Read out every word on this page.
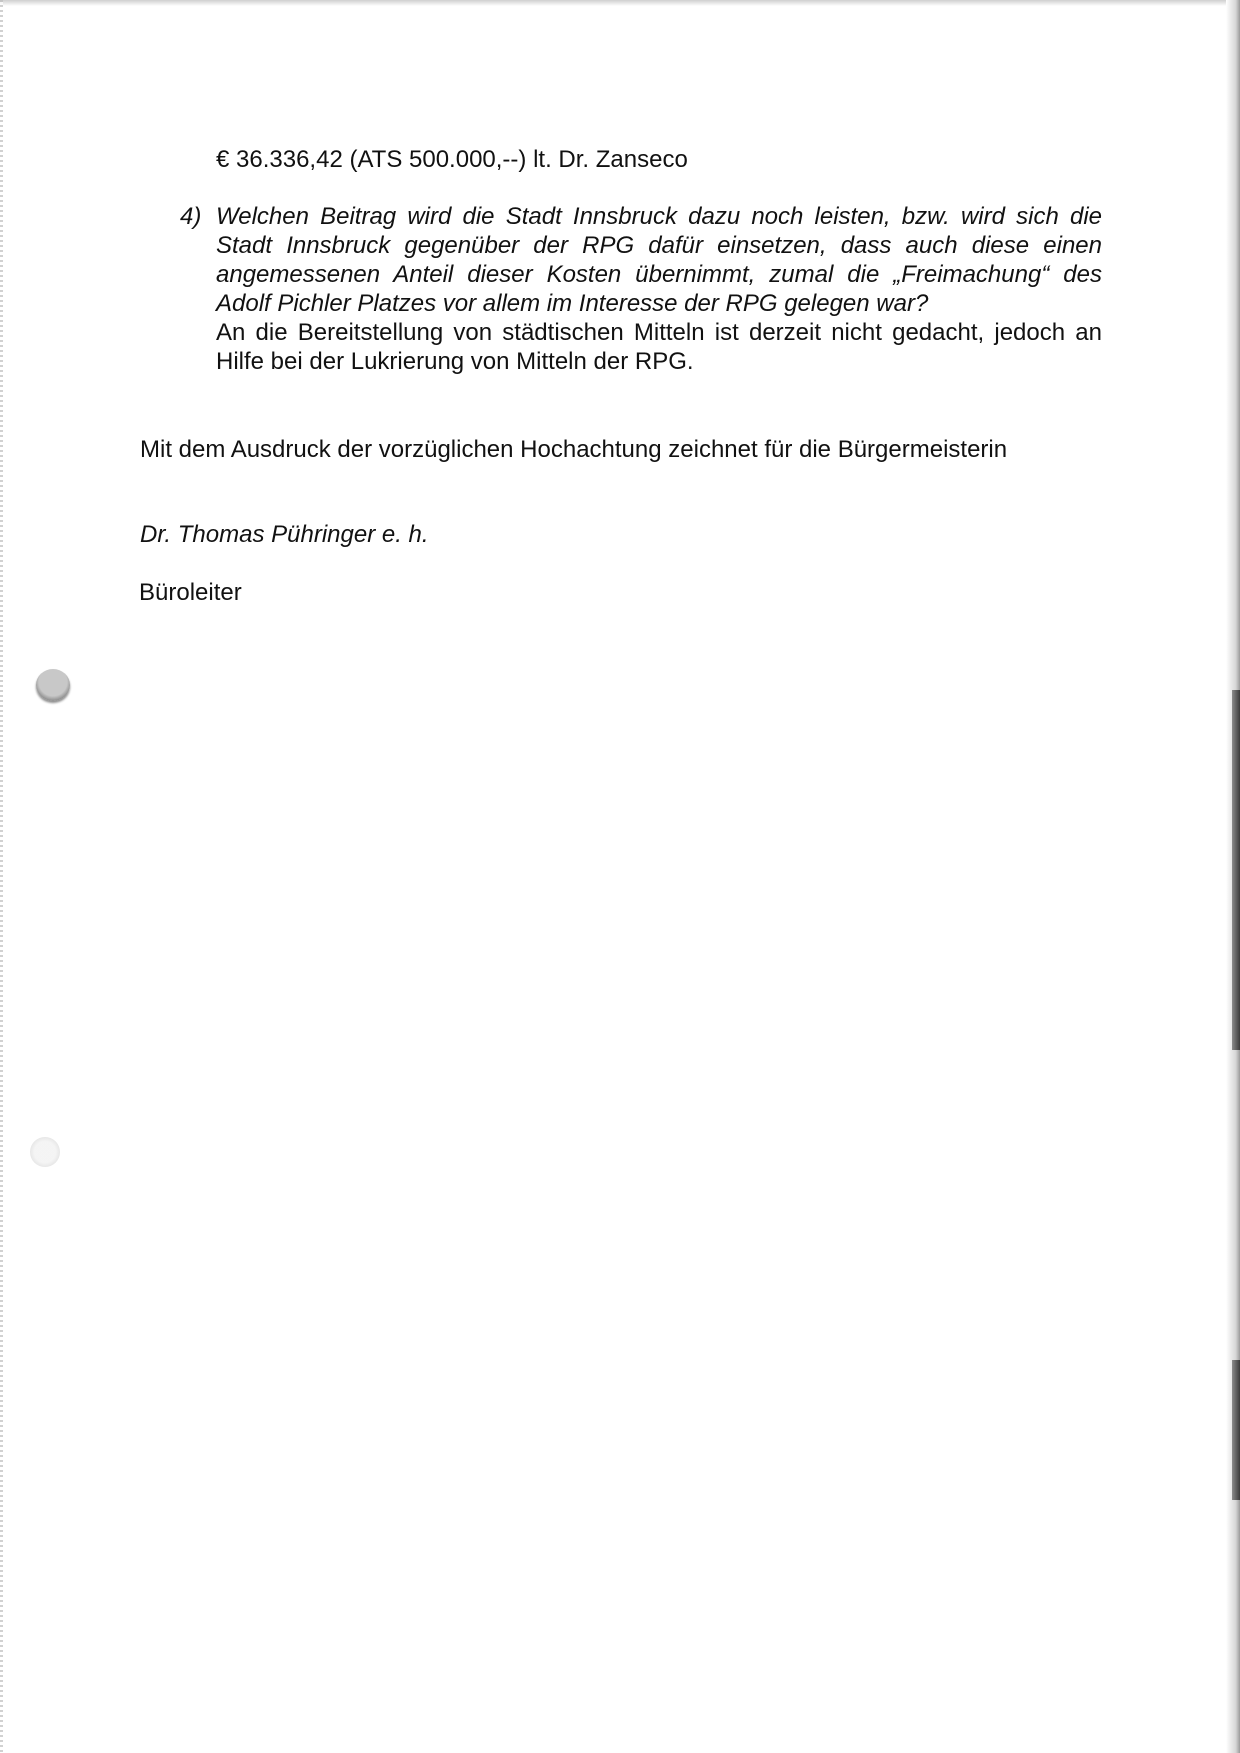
€ 36.336,42 (ATS 500.000,--) lt. Dr. Zanseco
4) Welchen Beitrag wird die Stadt Innsbruck dazu noch leisten, bzw. wird sich die Stadt Innsbruck gegenüber der RPG dafür einsetzen, dass auch diese einen angemessenen Anteil dieser Kosten übernimmt, zumal die „Freimachung“ des Adolf Pichler Platzes vor allem im Interesse der RPG gelegen war?

An die Bereitstellung von städtischen Mitteln ist derzeit nicht gedacht, jedoch an Hilfe bei der Lukrierung von Mitteln der RPG.

Mit dem Ausdruck der vorzüglichen Hochachtung zeichnet für die Bürgermeisterin
Dr. Thomas Pühringer e. h.
Büroleiter
